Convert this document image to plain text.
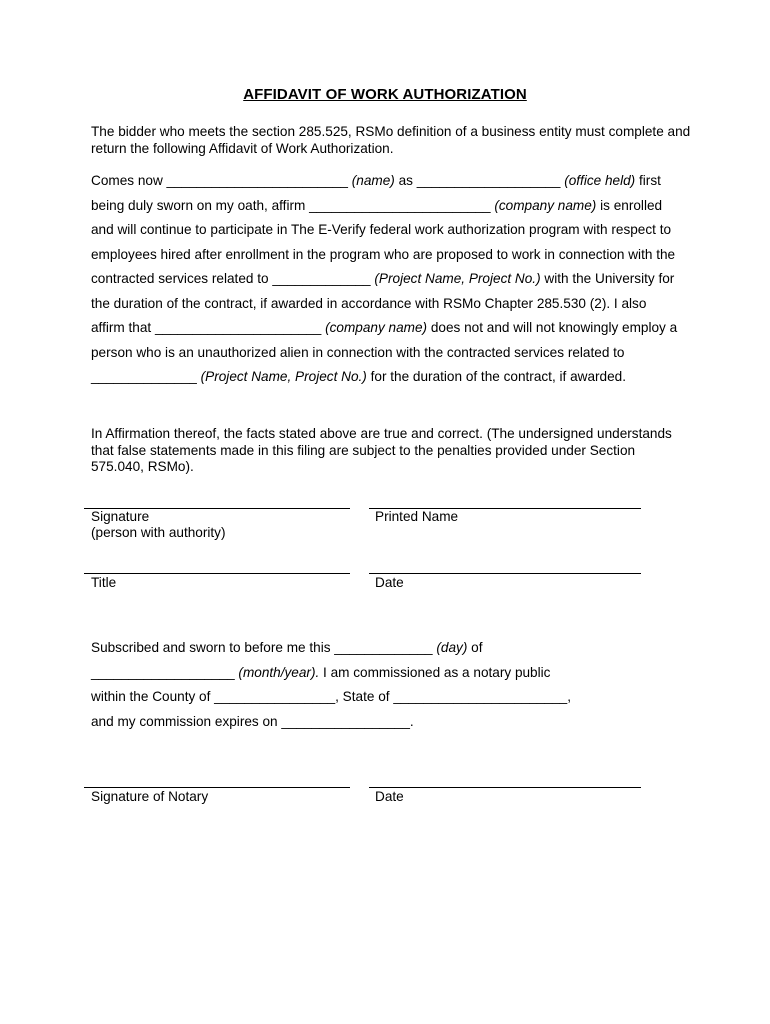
AFFIDAVIT OF WORK AUTHORIZATION
The bidder who meets the section 285.525, RSMo definition of a business entity must complete and return the following Affidavit of Work Authorization.
Comes now ________________________ (name) as ___________________ (office held) first
being duly sworn on my oath, affirm ________________________ (company name) is enrolled
and will continue to participate in The E-Verify federal work authorization program with respect to
employees hired after enrollment in the program who are proposed to work in connection with the
contracted services related to _____________ (Project Name, Project No.) with the University for
the duration of the contract, if awarded in accordance with RSMo Chapter 285.530 (2). I also
affirm that ______________________ (company name) does not and will not knowingly employ a
person who is an unauthorized alien in connection with the contracted services related to
______________ (Project Name, Project No.) for the duration of the contract, if awarded.
In Affirmation thereof, the facts stated above are true and correct. (The undersigned understands that false statements made in this filing are subject to the penalties provided under Section 575.040, RSMo).
Signature
(person with authority)
Printed Name
Title	Date
Subscribed and sworn to before me this _____________ (day) of
___________________ (month/year). I am commissioned as a notary public
within the County of ________________, State of _______________________,
and my commission expires on _________________.
Signature of Notary	Date
